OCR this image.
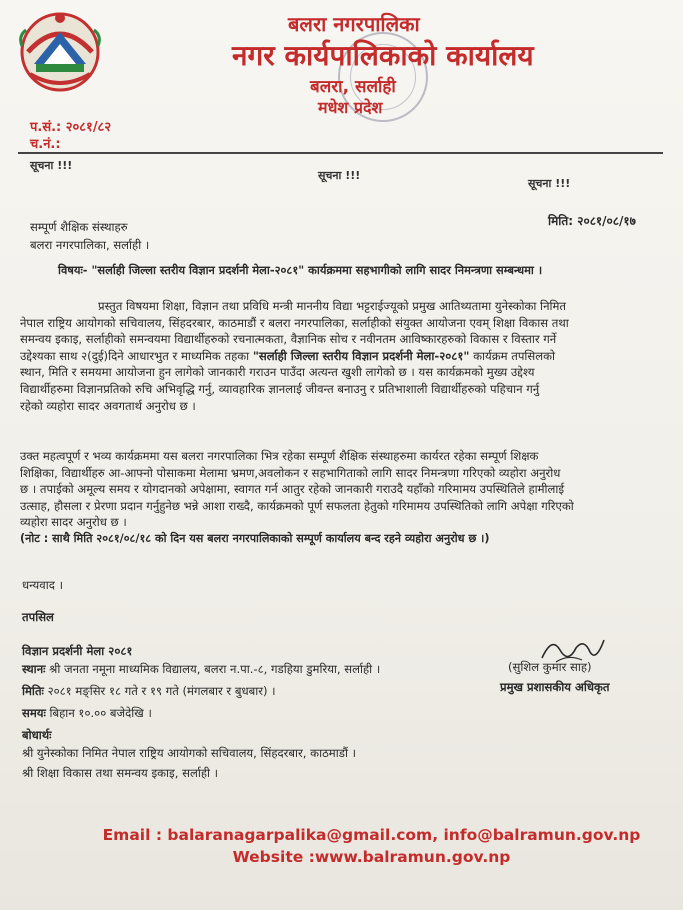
बलरा नगरपालिका
नगर कार्यपालिकाको कार्यालय
बलरा, सर्लाही
मधेश प्रदेश
प.सं.: २०८१/८२
च.नं.:
सूचना !!!
सूचना !!!
सूचना !!!
मिति: २०८१/०८/१७
सम्पूर्ण शैक्षिक संस्थाहरु
बलरा नगरपालिका, सर्लाही ।
विषयः- "सर्लाही जिल्ला स्तरीय विज्ञान प्रदर्शनी मेला-२०८१" कार्यक्रममा सहभागीको लागि सादर निमन्त्रणा सम्बन्धमा ।
प्रस्तुत विषयमा शिक्षा, विज्ञान तथा प्रविधि मन्त्री माननीय विद्या भट्टराईज्यूको प्रमुख आतिथ्यतामा युनेस्कोका निमित
नेपाल राष्ट्रिय आयोगको सचिवालय, सिंहदरबार, काठमाडौं र बलरा नगरपालिका, सर्लाहीको संयुक्त आयोजना एवम् शिक्षा विकास तथा
समन्वय इकाइ, सर्लाहीको समन्वयमा विद्यार्थीहरुको रचनात्मकता, वैज्ञानिक सोच र नवीनतम आविष्कारहरुको विकास र विस्तार गर्ने
उद्देश्यका साथ २(दुई)दिने आधारभुत र माध्यमिक तहका "सर्लाही जिल्ला स्तरीय विज्ञान प्रदर्शनी मेला-२०८१" कार्यक्रम तपसिलको
स्थान, मिति र समयमा आयोजना हुन लागेको जानकारी गराउन पाउँदा अत्यन्त खुशी लागेको छ । यस कार्यक्रमको मुख्य उद्देश्य
विद्यार्थीहरुमा विज्ञानप्रतिको रुचि अभिवृद्धि गर्नु, व्यावहारिक ज्ञानलाई जीवन्त बनाउनु र प्रतिभाशाली विद्यार्थीहरुको पहिचान गर्नु
रहेको व्यहोरा सादर अवगतार्थ अनुरोध छ ।
उक्त महत्वपूर्ण र भव्य कार्यक्रममा यस बलरा नगरपालिका भित्र रहेका सम्पूर्ण शैक्षिक संस्थाहरुमा कार्यरत रहेका सम्पूर्ण शिक्षक
शिक्षिका, विद्यार्थीहरु आ-आफ्नो पोसाकमा मेलामा भ्रमण,अवलोकन र सहभागिताको लागि सादर निमन्त्रणा गरिएको व्यहोरा अनुरोध
छ । तपाईको अमूल्य समय र योगदानको अपेक्षामा, स्वागत गर्न आतुर रहेको जानकारी गराउदै यहाँको गरिमामय उपस्थितिले हामीलाई
उत्साह, हौसला र प्रेरणा प्रदान गर्नुहुनेछ भन्ने आशा राख्दै, कार्यक्रमको पूर्ण सफलता हेतुको गरिमामय उपस्थितिको लागि अपेक्षा गरिएको
व्यहोरा सादर अनुरोध छ ।
(नोट : साथै मिति २०८१/०८/१८ को दिन यस बलरा नगरपालिकाको सम्पूर्ण कार्यालय बन्द रहने व्यहोरा अनुरोध छ ।)
धन्यवाद ।
तपसिल
विज्ञान प्रदर्शनी मेला २०८१
स्थानः श्री जनता नमूना माध्यमिक विद्यालय, बलरा न.पा.-८, गडहिया डुमरिया, सर्लाही ।
मितिः २०८१ मङ्सिर १८ गते र १९ गते (मंगलबार र बुधबार) ।
समयः बिहान १०.०० बजेदेखि ।
बोधार्थः
श्री युनेस्कोका निमित नेपाल राष्ट्रिय आयोगको सचिवालय, सिंहदरबार, काठमाडौं ।
श्री शिक्षा विकास तथा समन्वय इकाइ, सर्लाही ।
(सुशिल कुमार साह)
प्रमुख प्रशासकीय अधिकृत
Email : balaranagarpalika@gmail.com, info@balramun.gov.np
Website :www.balramun.gov.np
